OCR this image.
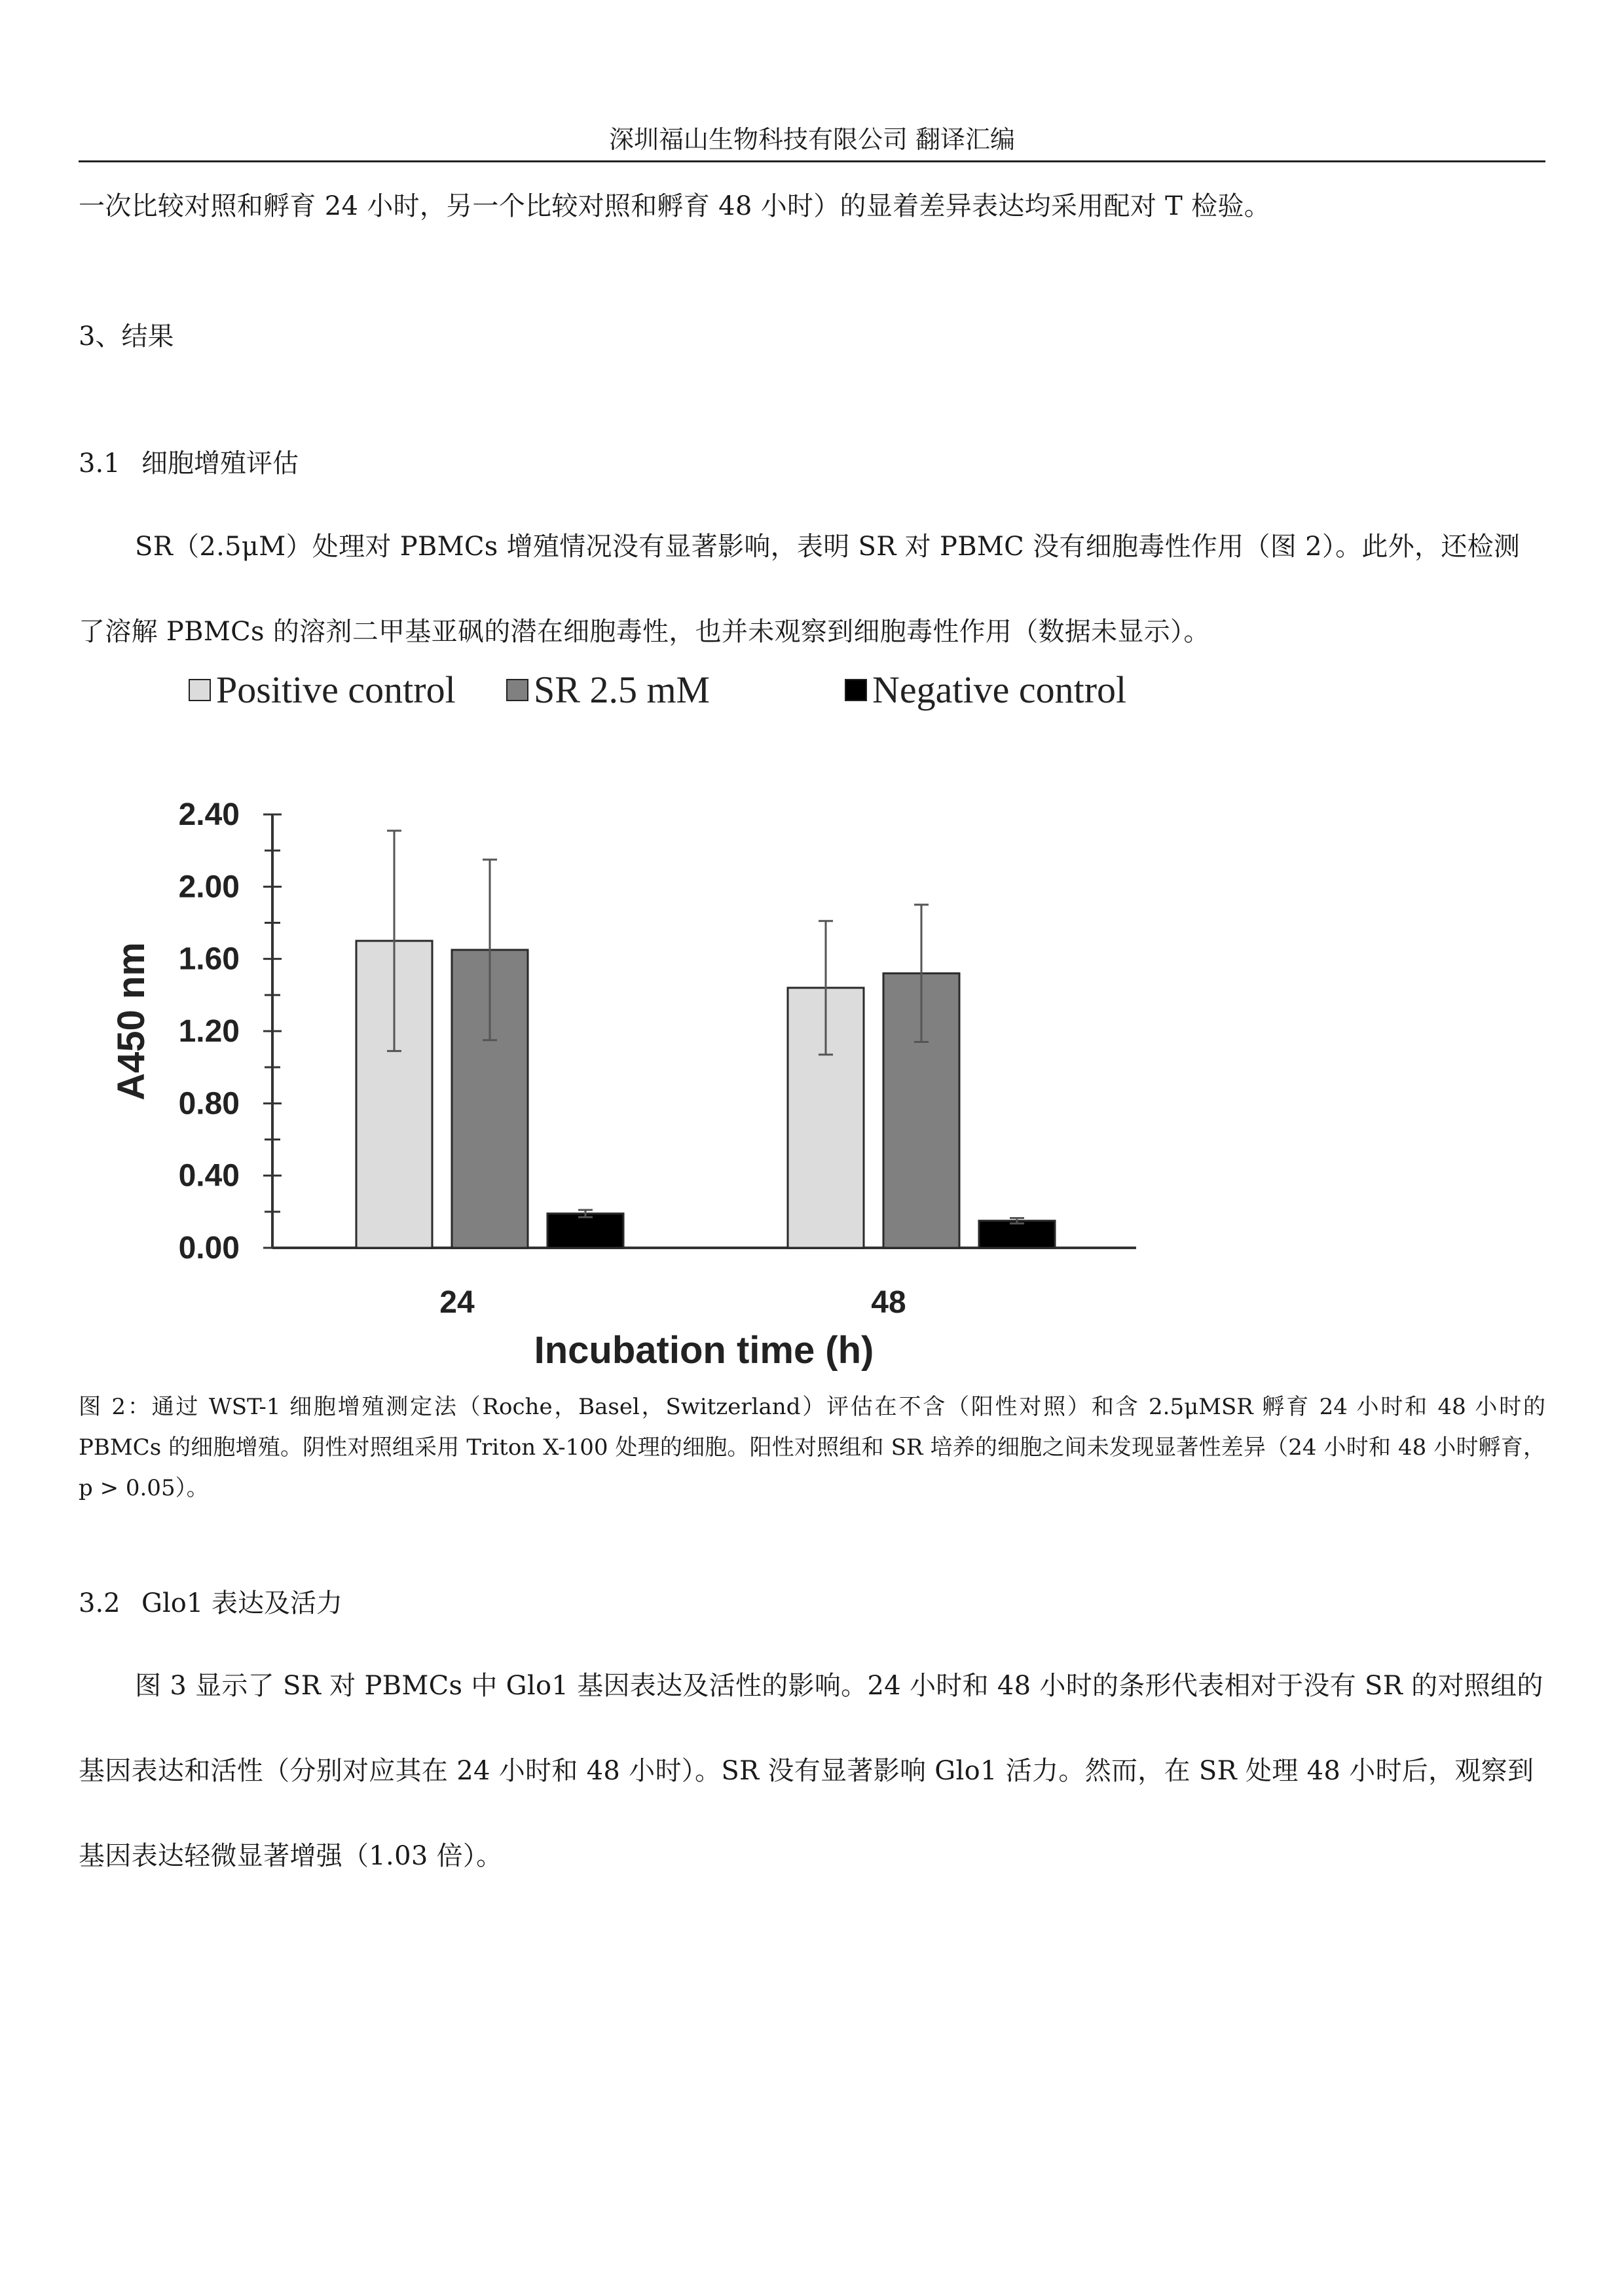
深圳福山生物科技有限公司 翻译汇编

一次比较对照和孵育 24 小时，另一个比较对照和孵育 48 小时）的显着差异表达均采用配对 T 检验。

3、结果

3.1 细胞增殖评估

SR（2.5μM）处理对 PBMCs 增殖情况没有显著影响，表明 SR 对 PBMC 没有细胞毒性作用（图 2）。此外，还检测了溶解 PBMCs 的溶剂二甲基亚砜的潜在细胞毒性，也并未观察到细胞毒性作用（数据未显示）。

Positive control	SR 2.5 mM	Negative control
0.00
0.40
0.80
1.20
1.60
2.00
2.40
24	48
Incubation time (h)
A450 nm

图 2：通过 WST-1 细胞增殖测定法（Roche，Basel，Switzerland）评估在不含（阳性对照）和含 2.5μMSR 孵育 24 小时和 48 小时的 PBMCs 的细胞增殖。阴性对照组采用 Triton X-100 处理的细胞。阳性对照组和 SR 培养的细胞之间未发现显著性差异（24 小时和 48 小时孵育，p > 0.05）。

3.2 Glo1 表达及活力

图 3 显示了 SR 对 PBMCs 中 Glo1 基因表达及活性的影响。24 小时和 48 小时的条形代表相对于没有 SR 的对照组的基因表达和活性（分别对应其在 24 小时和 48 小时）。SR 没有显著影响 Glo1 活力。然而，在 SR 处理 48 小时后，观察到基因表达轻微显著增强（1.03 倍）。
